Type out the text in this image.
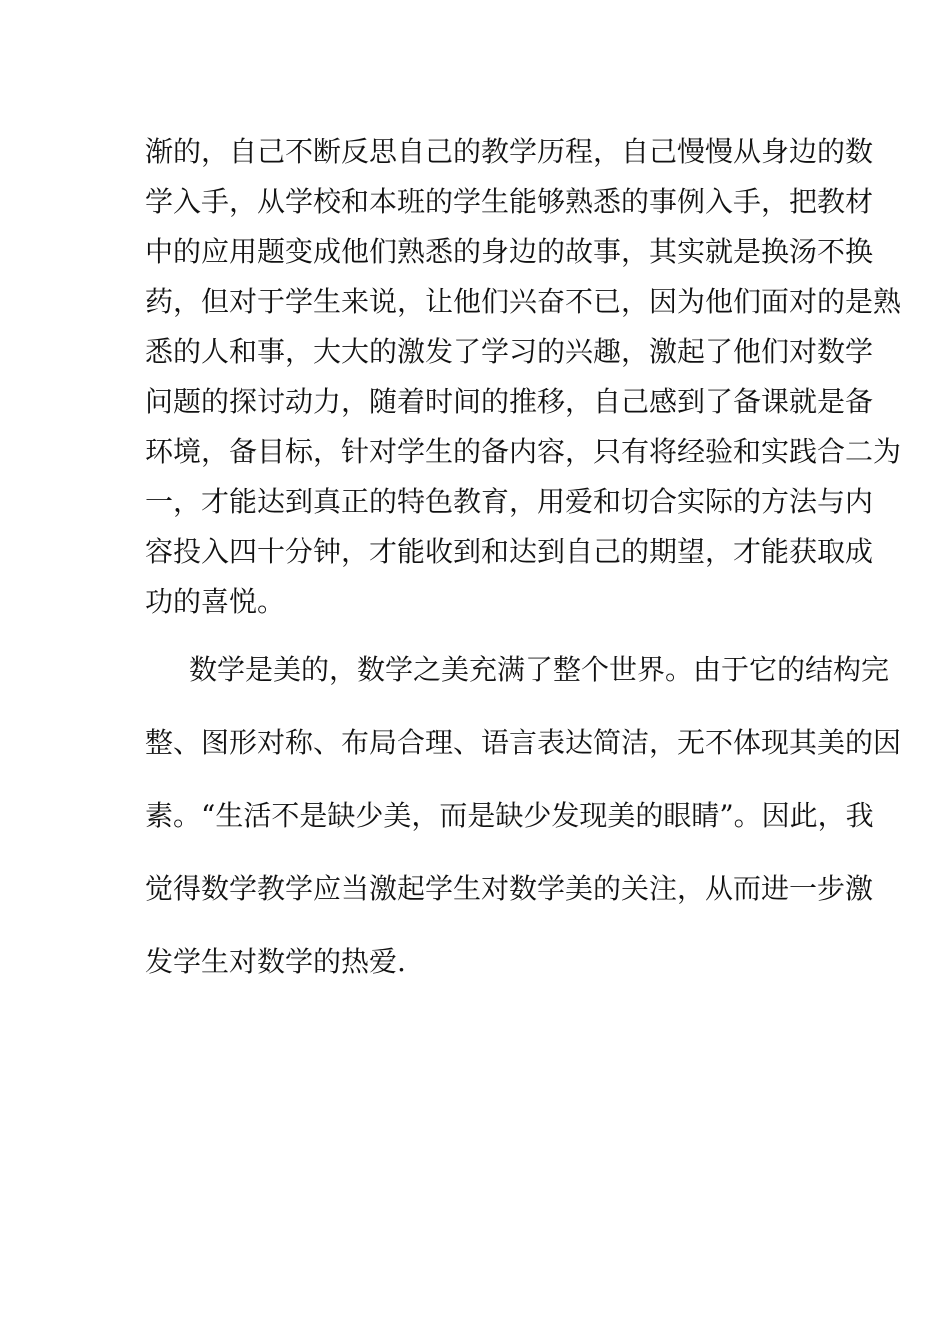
渐的，自己不断反思自己的教学历程，自己慢慢从身边的数
学入手，从学校和本班的学生能够熟悉的事例入手，把教材
中的应用题变成他们熟悉的身边的故事，其实就是换汤不换
药，但对于学生来说，让他们兴奋不已，因为他们面对的是熟
悉的人和事，大大的激发了学习的兴趣，激起了他们对数学
问题的探讨动力，随着时间的推移，自己感到了备课就是备
环境，备目标，针对学生的备内容，只有将经验和实践合二为
一，才能达到真正的特色教育，用爱和切合实际的方法与内
容投入四十分钟，才能收到和达到自己的期望，才能获取成
功的喜悦。
数学是美的，数学之美充满了整个世界。由于它的结构完
整、图形对称、布局合理、语言表达简洁，无不体现其美的因
素。“生活不是缺少美，而是缺少发现美的眼睛”。因此，我
觉得数学教学应当激起学生对数学美的关注，从而进一步激
发学生对数学的热爱.
